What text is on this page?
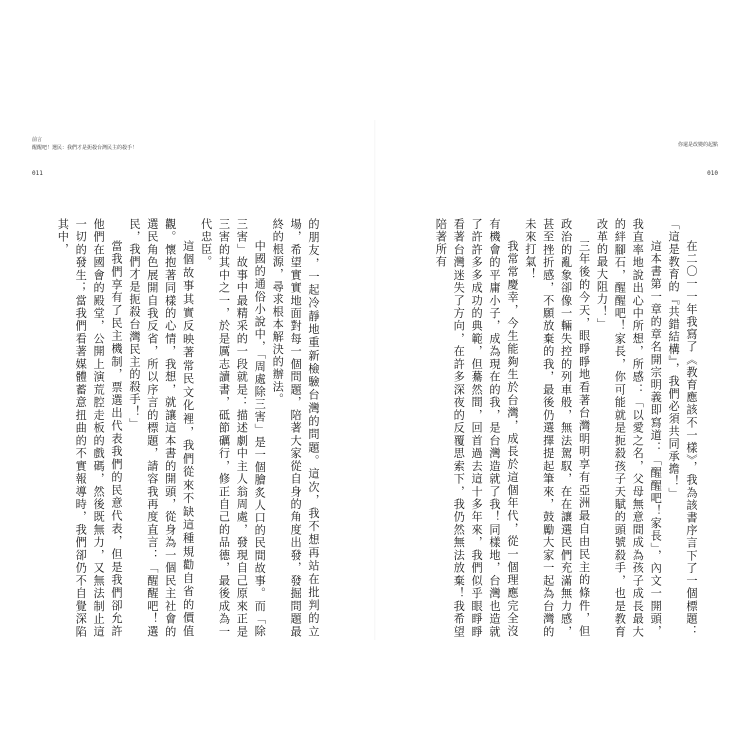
前言
醒醒吧！選民：我們才是扼殺台灣民主的殺手！
011

的朋友，一起冷靜地重新檢驗台灣的問題。這次，我不想再站在批判的立場，希望實實地面對每一個問題，陪著大家從自身的角度出發，發掘問題最終的根源，尋求根本解決的辦法。

中國的通俗小說中，「周處除三害」是一個膾炙人口的民間故事。而「除三害」故事中最精采的一段就是：描述劇中主人翁周處，發現自己原來正是三害的其中之一，於是厲志讀書，砥節礪行，修正自己的品德，最後成為一代忠臣。

這個故事其實反映著常民文化裡，我們從來不缺這種規勸自省的價值觀。懷抱著同樣的心情，我想，就讓這本書的開頭，從身為一個民主社會的選民角色展開自我反省，所以序言的標題，請容我再度直言：「醒醒吧！選民，我們才是扼殺台灣民主的殺手！」

當我們享有了民主機制，票選出代表我們的民意代表，但是我們卻允許他們在國會的殿堂，公開上演荒腔走板的戲碼，然後既無力，又無法制止這一切的發生；當我們看著媒體蓄意扭曲的不實報導時，我們卻仍不自覺深陷其中，

你還是改變的起點
010

在二〇一一年我寫了《教育應該不一樣》，我為該書序言下了一個標題：「這是教育的『共錯結構』，我們必須共同承擔！」

這本書第一章的章名開宗明義即寫道：「醒醒吧！家長」，內文一開頭，我直率地說出心中所想，所感：「以愛之名，父母無意間成為孩子成長最大的絆腳石，醒醒吧！家長，你可能就是扼殺孩子天賦的頭號殺手，也是教育改革的最大阻力！」

三年後的今天，眼睜睜地看著台灣明明享有亞洲最自由民主的條件，但政治的亂象卻像一輛失控的列車般，無法駕馭，在在讓選民們充滿無力感，甚至挫折感，不願放棄的我，最後仍選擇提起筆來，鼓勵大家一起為台灣的未來打氣！

我常常慶幸，今生能夠生於台灣，成長於這個年代，從一個理應完全沒有機會的平庸小子，成為現在的我，是台灣造就了我！同樣地，台灣也造就了許許多多成功的典範，但驀然間，回首過去這十多年來，我們似乎眼睜睜看著台灣迷失了方向，在許多深夜的反覆思索下，我仍然無法放棄！我希望陪著所有
